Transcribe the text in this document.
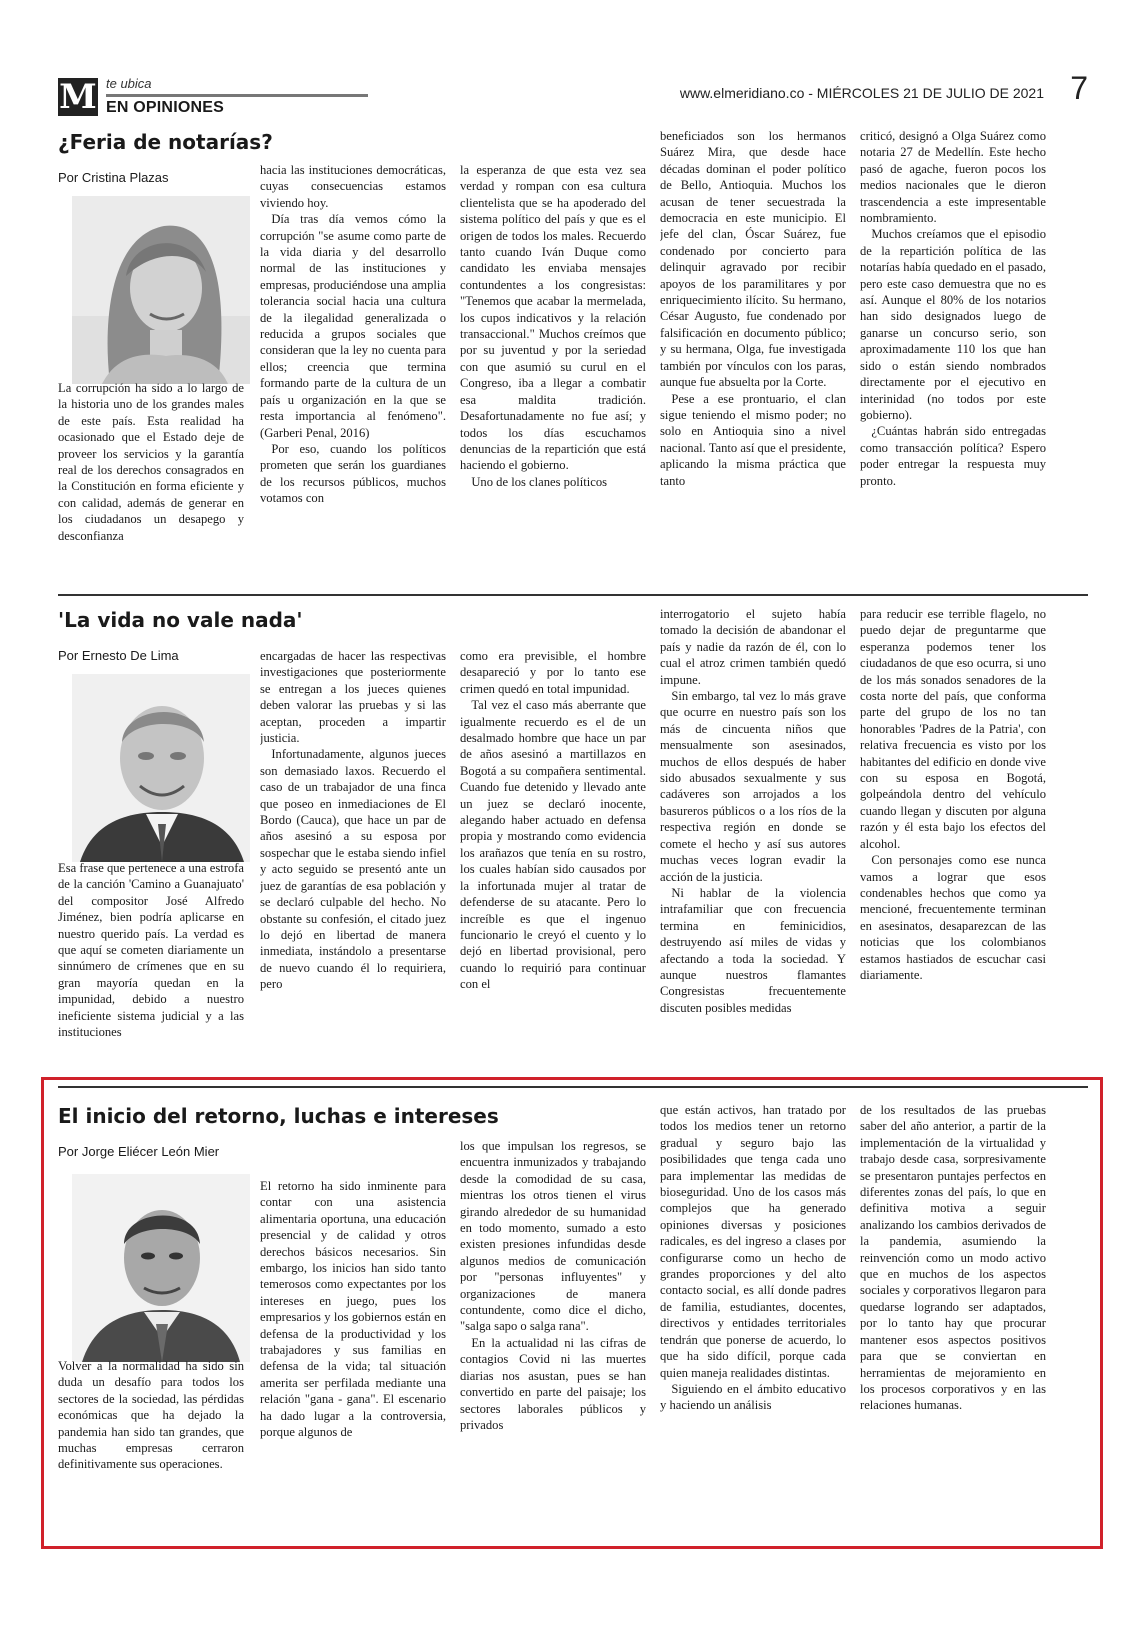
M te ubica
EN OPINIONES
www.elmeridiano.co - MIÉRCOLES 21 DE JULIO DE 2021 7
¿Feria de notarías?
Por Cristina Plazas

La corrupción ha sido a lo largo de la historia uno de los grandes males de este país. Esta realidad ha ocasionado que el Estado deje de proveer los servicios y la garantía real de los derechos consagrados en la Constitución en forma eficiente y con calidad, además de generar en los ciudadanos un desapego y desconfianza

hacia las instituciones democráticas, cuyas consecuencias estamos viviendo hoy.

Día tras día vemos cómo la corrupción "se asume como parte de la vida diaria y del desarrollo normal de las instituciones y empresas, produciéndose una amplia tolerancia social hacia una cultura de la ilegalidad generalizada o reducida a grupos sociales que consideran que la ley no cuenta para ellos; creencia que termina formando parte de la cultura de un país u organización en la que se resta importancia al fenómeno". (Garberi Penal, 2016)

Por eso, cuando los políticos prometen que serán los guardianes de los recursos públicos, muchos votamos con

la esperanza de que esta vez sea verdad y rompan con esa cultura clientelista que se ha apoderado del sistema político del país y que es el origen de todos los males. Recuerdo tanto cuando Iván Duque como candidato les enviaba mensajes contundentes a los congresistas: "Tenemos que acabar la mermelada, los cupos indicativos y la relación transaccional." Muchos creímos que por su juventud y por la seriedad con que asumió su curul en el Congreso, iba a llegar a combatir esa maldita tradición. Desafortunadamente no fue así; y todos los días escuchamos denuncias de la repartición que está haciendo el gobierno.

Uno de los clanes políticos

beneficiados son los hermanos Suárez Mira, que desde hace décadas dominan el poder político de Bello, Antioquia. Muchos los acusan de tener secuestrada la democracia en este municipio. El jefe del clan, Óscar Suárez, fue condenado por concierto para delinquir agravado por recibir apoyos de los paramilitares y por enriquecimiento ilícito. Su hermano, César Augusto, fue condenado por falsificación en documento público; y su hermana, Olga, fue investigada también por vínculos con los paras, aunque fue absuelta por la Corte.

Pese a ese prontuario, el clan sigue teniendo el mismo poder; no solo en Antioquia sino a nivel nacional. Tanto así que el presidente, aplicando la misma práctica que tanto

criticó, designó a Olga Suárez como notaria 27 de Medellín. Este hecho pasó de agache, fueron pocos los medios nacionales que le dieron trascendencia a este impresentable nombramiento.

Muchos creíamos que el episodio de la repartición política de las notarías había quedado en el pasado, pero este caso demuestra que no es así. Aunque el 80% de los notarios han sido designados luego de ganarse un concurso serio, son aproximadamente 110 los que han sido o están siendo nombrados directamente por el ejecutivo en interinidad (no todos por este gobierno).

¿Cuántas habrán sido entregadas como transacción política? Espero poder entregar la respuesta muy pronto.

'La vida no vale nada'
Por Ernesto De Lima

Esa frase que pertenece a una estrofa de la canción 'Camino a Guanajuato' del compositor José Alfredo Jiménez, bien podría aplicarse en nuestro querido país. La verdad es que aquí se cometen diariamente un sinnúmero de crímenes que en su gran mayoría quedan en la impunidad, debido a nuestro ineficiente sistema judicial y a las instituciones

encargadas de hacer las respectivas investigaciones que posteriormente se entregan a los jueces quienes deben valorar las pruebas y si las aceptan, proceden a impartir justicia.

Infortunadamente, algunos jueces son demasiado laxos. Recuerdo el caso de un trabajador de una finca que poseo en inmediaciones de El Bordo (Cauca), que hace un par de años asesinó a su esposa por sospechar que le estaba siendo infiel y acto seguido se presentó ante un juez de garantías de esa población y se declaró culpable del hecho. No obstante su confesión, el citado juez lo dejó en libertad de manera inmediata, instándolo a presentarse de nuevo cuando él lo requiriera, pero

como era previsible, el hombre desapareció y por lo tanto ese crimen quedó en total impunidad.

Tal vez el caso más aberrante que igualmente recuerdo es el de un desalmado hombre que hace un par de años asesinó a martillazos en Bogotá a su compañera sentimental. Cuando fue detenido y llevado ante un juez se declaró inocente, alegando haber actuado en defensa propia y mostrando como evidencia los arañazos que tenía en su rostro, los cuales habían sido causados por la infortunada mujer al tratar de defenderse de su atacante. Pero lo increíble es que el ingenuo funcionario le creyó el cuento y lo dejó en libertad provisional, pero cuando lo requirió para continuar con el

interrogatorio el sujeto había tomado la decisión de abandonar el país y nadie da razón de él, con lo cual el atroz crimen también quedó impune.

Sin embargo, tal vez lo más grave que ocurre en nuestro país son los más de cincuenta niños que mensualmente son asesinados, muchos de ellos después de haber sido abusados sexualmente y sus cadáveres son arrojados a los basureros públicos o a los ríos de la respectiva región en donde se comete el hecho y así sus autores muchas veces logran evadir la acción de la justicia.

Ni hablar de la violencia intrafamiliar que con frecuencia termina en feminicidios, destruyendo así miles de vidas y afectando a toda la sociedad. Y aunque nuestros flamantes Congresistas frecuentemente discuten posibles medidas

para reducir ese terrible flagelo, no puedo dejar de preguntarme que esperanza podemos tener los ciudadanos de que eso ocurra, si uno de los más sonados senadores de la costa norte del país, que conforma parte del grupo de los no tan honorables 'Padres de la Patria', con relativa frecuencia es visto por los habitantes del edificio en donde vive con su esposa en Bogotá, golpeándola dentro del vehículo cuando llegan y discuten por alguna razón y él esta bajo los efectos del alcohol.

Con personajes como ese nunca vamos a lograr que esos condenables hechos que como ya mencioné, frecuentemente terminan en asesinatos, desaparezcan de las noticias que los colombianos estamos hastiados de escuchar casi diariamente.

El inicio del retorno, luchas e intereses
Por Jorge Eliécer León Mier

Volver a la normalidad ha sido sin duda un desafío para todos los sectores de la sociedad, las pérdidas económicas que ha dejado la pandemia han sido tan grandes, que muchas empresas cerraron definitivamente sus operaciones.

El retorno ha sido inminente para contar con una asistencia alimentaria oportuna, una educación presencial y de calidad y otros derechos básicos necesarios. Sin embargo, los inicios han sido tanto temerosos como expectantes por los intereses en juego, pues los empresarios y los gobiernos están en defensa de la productividad y los trabajadores y sus familias en defensa de la vida; tal situación amerita ser perfilada mediante una relación "gana - gana". El escenario ha dado lugar a la controversia, porque algunos de

los que impulsan los regresos, se encuentra inmunizados y trabajando desde la comodidad de su casa, mientras los otros tienen el virus girando alrededor de su humanidad en todo momento, sumado a esto existen presiones infundidas desde algunos medios de comunicación por "personas influyentes" y organizaciones de manera contundente, como dice el dicho, "salga sapo o salga rana".

En la actualidad ni las cifras de contagios Covid ni las muertes diarias nos asustan, pues se han convertido en parte del paisaje; los sectores laborales públicos y privados

que están activos, han tratado por todos los medios tener un retorno gradual y seguro bajo las posibilidades que tenga cada uno para implementar las medidas de bioseguridad. Uno de los casos más complejos que ha generado opiniones diversas y posiciones radicales, es del ingreso a clases por configurarse como un hecho de grandes proporciones y del alto contacto social, es allí donde padres de familia, estudiantes, docentes, directivos y entidades territoriales tendrán que ponerse de acuerdo, lo que ha sido difícil, porque cada quien maneja realidades distintas.

Siguiendo en el ámbito educativo y haciendo un análisis

de los resultados de las pruebas saber del año anterior, a partir de la implementación de la virtualidad y trabajo desde casa, sorpresivamente se presentaron puntajes perfectos en diferentes zonas del país, lo que en definitiva motiva a seguir analizando los cambios derivados de la pandemia, asumiendo la reinvención como un modo activo que en muchos de los aspectos sociales y corporativos llegaron para quedarse logrando ser adaptados, por lo tanto hay que procurar mantener esos aspectos positivos para que se conviertan en herramientas de mejoramiento en los procesos corporativos y en las relaciones humanas.
